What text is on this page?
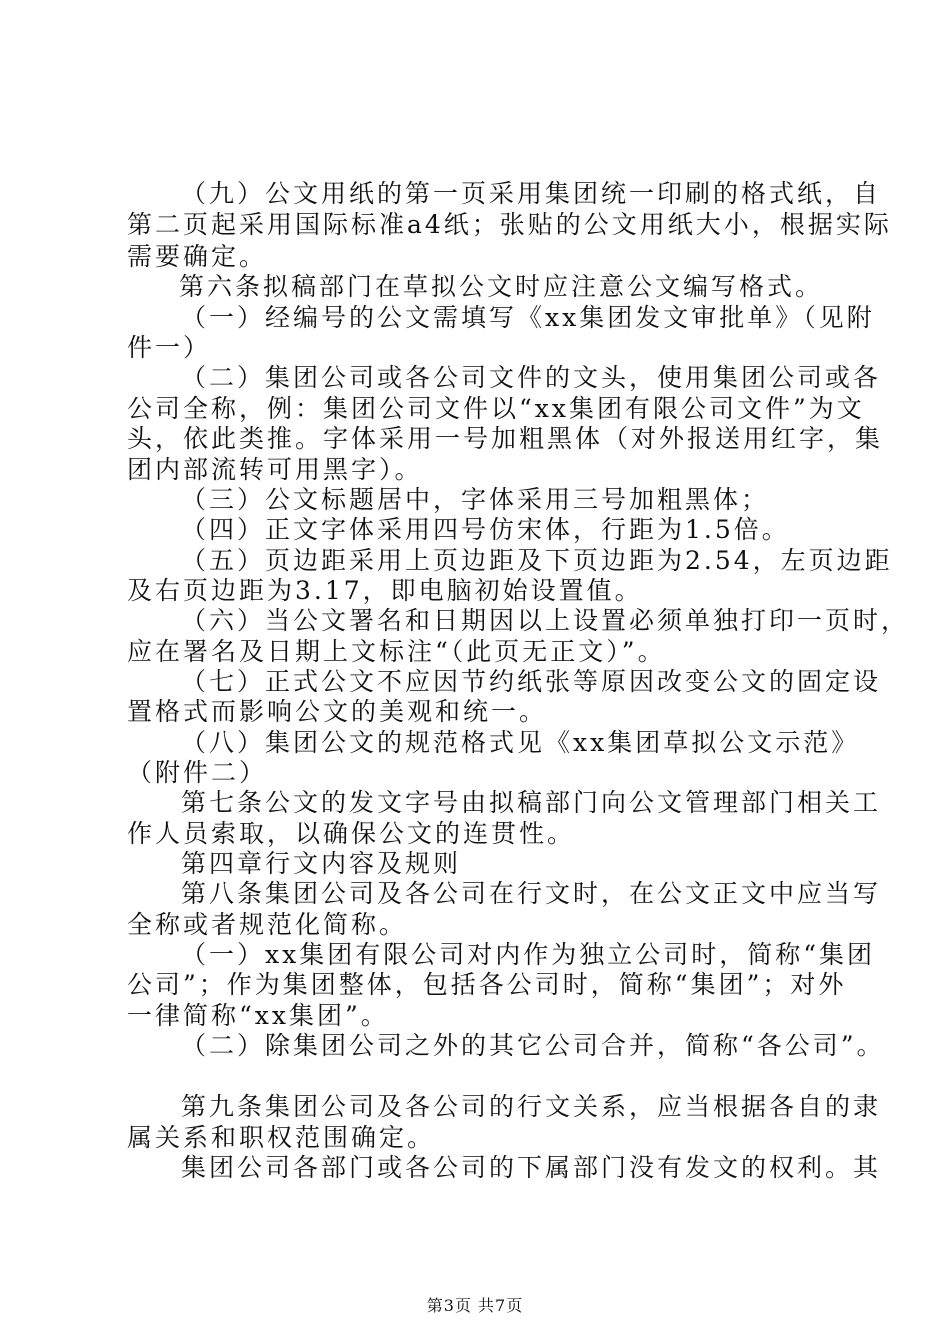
（九）公文用纸的第一页采用集团统一印刷的格式纸，自
第二页起采用国际标准a4纸；张贴的公文用纸大小，根据实际
需要确定。
第六条拟稿部门在草拟公文时应注意公文编写格式。
（一）经编号的公文需填写《xx集团发文审批单》（见附
件一）
（二）集团公司或各公司文件的文头，使用集团公司或各
公司全称，例：集团公司文件以“xx集团有限公司文件”为文
头，依此类推。字体采用一号加粗黑体（对外报送用红字，集
团内部流转可用黑字）。
（三）公文标题居中，字体采用三号加粗黑体；
（四）正文字体采用四号仿宋体，行距为1.5倍。
（五）页边距采用上页边距及下页边距为2.54，左页边距
及右页边距为3.17，即电脑初始设置值。
（六）当公文署名和日期因以上设置必须单独打印一页时，
应在署名及日期上文标注“（此页无正文）”。
（七）正式公文不应因节约纸张等原因改变公文的固定设
置格式而影响公文的美观和统一。
（八）集团公文的规范格式见《xx集团草拟公文示范》
（附件二）
第七条公文的发文字号由拟稿部门向公文管理部门相关工
作人员索取，以确保公文的连贯性。
第四章行文内容及规则
第八条集团公司及各公司在行文时，在公文正文中应当写
全称或者规范化简称。
（一）xx集团有限公司对内作为独立公司时，简称“集团
公司”；作为集团整体，包括各公司时，简称“集团”；对外
一律简称“xx集团”。
（二）除集团公司之外的其它公司合并，简称“各公司”。
第九条集团公司及各公司的行文关系，应当根据各自的隶
属关系和职权范围确定。
集团公司各部门或各公司的下属部门没有发文的权利。其
第3页 共7页
